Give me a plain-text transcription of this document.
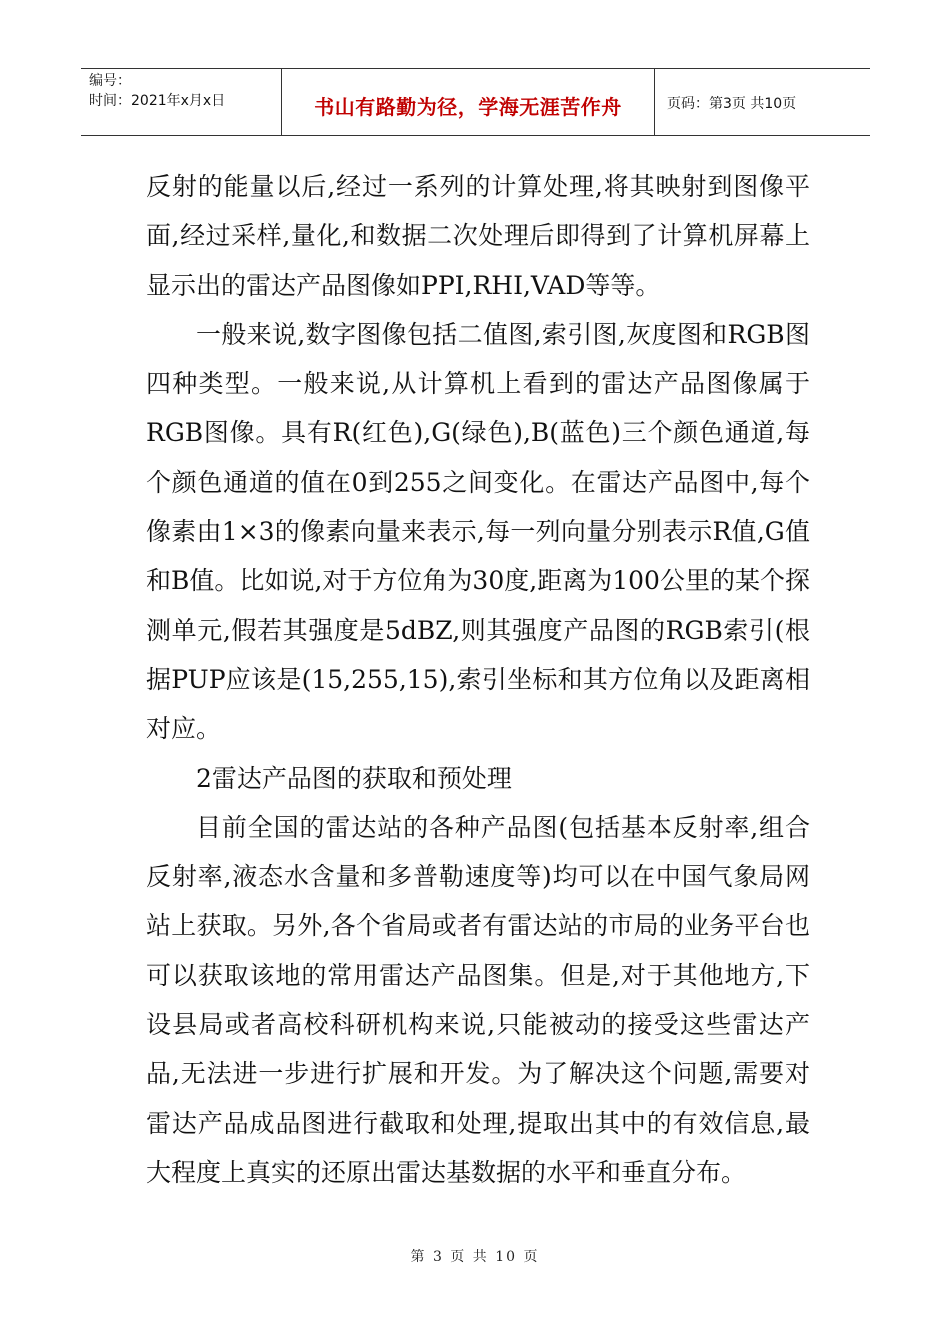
编号：
时间：2021年x月x日	书山有路勤为径，学海无涯苦作舟	页码：第3页 共10页

反射的能量以后,经过一系列的计算处理,将其映射到图像平面,经过采样,量化,和数据二次处理后即得到了计算机屏幕上显示出的雷达产品图像如PPI,RHI,VAD等等。

一般来说,数字图像包括二值图,索引图,灰度图和RGB图四种类型。一般来说,从计算机上看到的雷达产品图像属于RGB图像。具有R(红色),G(绿色),B(蓝色)三个颜色通道,每个颜色通道的值在0到255之间变化。在雷达产品图中,每个像素由1×3的像素向量来表示,每一列向量分别表示R值,G值和B值。比如说,对于方位角为30度,距离为100公里的某个探测单元,假若其强度是5dBZ,则其强度产品图的RGB索引(根据PUP应该是(15,255,15),索引坐标和其方位角以及距离相对应。

2雷达产品图的获取和预处理

目前全国的雷达站的各种产品图(包括基本反射率,组合反射率,液态水含量和多普勒速度等)均可以在中国气象局网站上获取。另外,各个省局或者有雷达站的市局的业务平台也可以获取该地的常用雷达产品图集。但是,对于其他地方,下设县局或者高校科研机构来说,只能被动的接受这些雷达产品,无法进一步进行扩展和开发。为了解决这个问题,需要对雷达产品成品图进行截取和处理,提取出其中的有效信息,最大程度上真实的还原出雷达基数据的水平和垂直分布。

第 3 页 共 10 页
